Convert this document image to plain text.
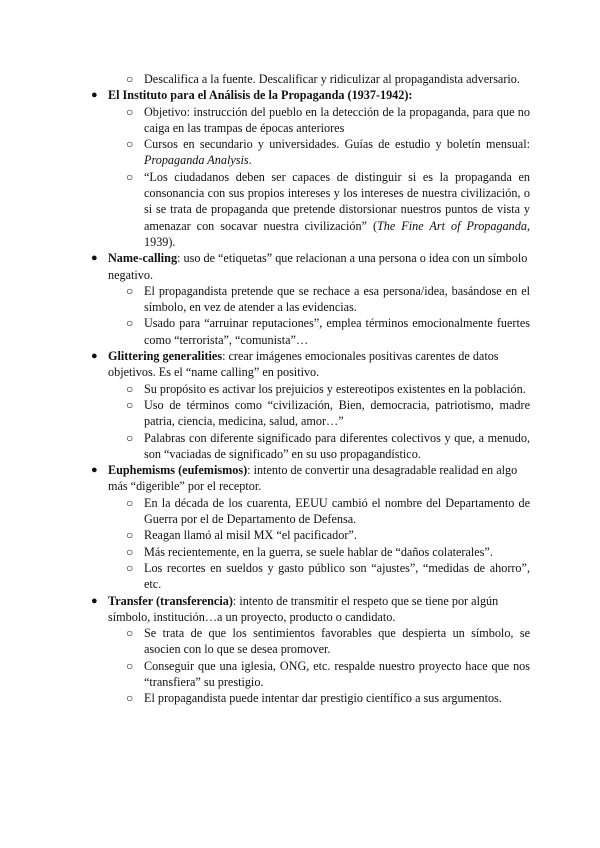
○ Descalifica a la fuente. Descalificar y ridiculizar al propagandista adversario.
● El Instituto para el Análisis de la Propaganda (1937-1942):
○ Objetivo: instrucción del pueblo en la detección de la propaganda, para que no caiga en las trampas de épocas anteriores
○ Cursos en secundario y universidades. Guías de estudio y boletín mensual: Propaganda Analysis.
○ “Los ciudadanos deben ser capaces de distinguir si es la propaganda en consonancia con sus propios intereses y los intereses de nuestra civilización, o si se trata de propaganda que pretende distorsionar nuestros puntos de vista y amenazar con socavar nuestra civilización” (The Fine Art of Propaganda, 1939).
● Name-calling: uso de “etiquetas” que relacionan a una persona o idea con un símbolo negativo.
○ El propagandista pretende que se rechace a esa persona/idea, basándose en el símbolo, en vez de atender a las evidencias.
○ Usado para “arruinar reputaciones”, emplea términos emocionalmente fuertes como “terrorista”, “comunista”…
● Glittering generalities: crear imágenes emocionales positivas carentes de datos objetivos. Es el “name calling” en positivo.
○ Su propósito es activar los prejuicios y estereotipos existentes en la población.
○ Uso de términos como “civilización, Bien, democracia, patriotismo, madre patria, ciencia, medicina, salud, amor…”
○ Palabras con diferente significado para diferentes colectivos y que, a menudo, son “vaciadas de significado” en su uso propagandístico.
● Euphemisms (eufemismos): intento de convertir una desagradable realidad en algo más “digerible” por el receptor.
○ En la década de los cuarenta, EEUU cambió el nombre del Departamento de Guerra por el de Departamento de Defensa.
○ Reagan llamó al misil MX “el pacificador”.
○ Más recientemente, en la guerra, se suele hablar de “daños colaterales”.
○ Los recortes en sueldos y gasto público son “ajustes”, “medidas de ahorro”, etc.
● Transfer (transferencia): intento de transmitir el respeto que se tiene por algún símbolo, institución…a un proyecto, producto o candidato.
○ Se trata de que los sentimientos favorables que despierta un símbolo, se asocien con lo que se desea promover.
○ Conseguir que una iglesia, ONG, etc. respalde nuestro proyecto hace que nos “transfiera” su prestigio.
○ El propagandista puede intentar dar prestigio científico a sus argumentos.
